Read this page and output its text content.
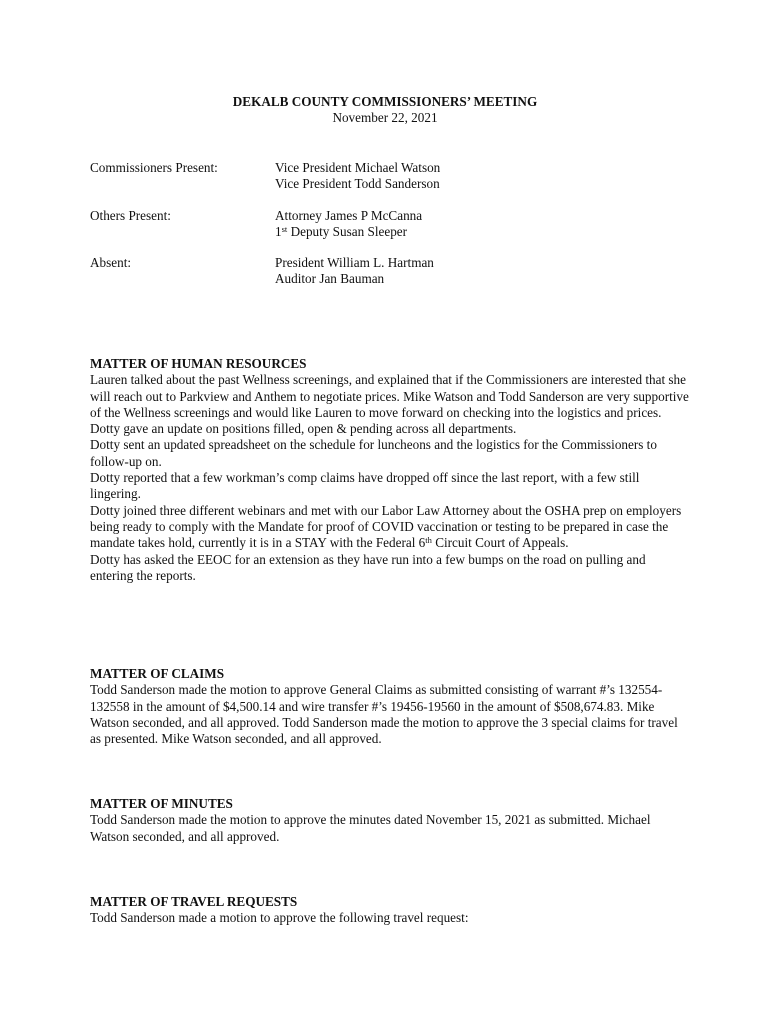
DEKALB COUNTY COMMISSIONERS’ MEETING
November 22, 2021
Commissioners Present:	Vice President Michael Watson
Vice President Todd Sanderson
Others Present:	Attorney James P McCanna
1st Deputy Susan Sleeper
Absent:	President William L. Hartman
Auditor Jan Bauman
MATTER OF HUMAN RESOURCES
Lauren talked about the past Wellness screenings, and explained that if the Commissioners are interested that she will reach out to Parkview and Anthem to negotiate prices. Mike Watson and Todd Sanderson are very supportive of the Wellness screenings and would like Lauren to move forward on checking into the logistics and prices.
Dotty gave an update on positions filled, open & pending across all departments.
Dotty sent an updated spreadsheet on the schedule for luncheons and the logistics for the Commissioners to follow-up on.
Dotty reported that a few workman’s comp claims have dropped off since the last report, with a few still lingering.
Dotty joined three different webinars and met with our Labor Law Attorney about the OSHA prep on employers being ready to comply with the Mandate for proof of COVID vaccination or testing to be prepared in case the mandate takes hold, currently it is in a STAY with the Federal 6th Circuit Court of Appeals.
Dotty has asked the EEOC for an extension as they have run into a few bumps on the road on pulling and entering the reports.
MATTER OF CLAIMS
Todd Sanderson made the motion to approve General Claims as submitted consisting of warrant #’s 132554-132558 in the amount of $4,500.14 and wire transfer #’s 19456-19560 in the amount of $508,674.83. Mike Watson seconded, and all approved. Todd Sanderson made the motion to approve the 3 special claims for travel as presented. Mike Watson seconded, and all approved.
MATTER OF MINUTES
Todd Sanderson made the motion to approve the minutes dated November 15, 2021 as submitted. Michael Watson seconded, and all approved.
MATTER OF TRAVEL REQUESTS
Todd Sanderson made a motion to approve the following travel request:
